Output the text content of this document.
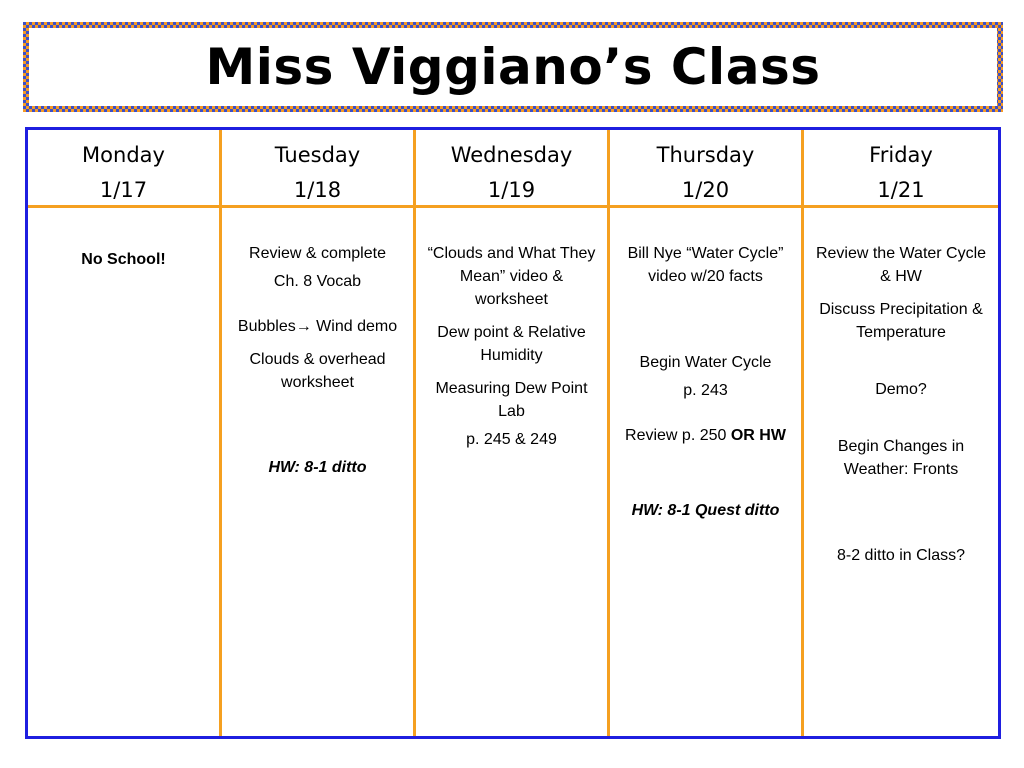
Miss Viggiano’s Class
Monday
1/17
Tuesday
1/18
Wednesday
1/19
Thursday
1/20
Friday
1/21

No School!	Review & complete

Ch. 8 Vocab

Bubbles→ Wind demo

Clouds & overhead worksheet

HW: 8-1 ditto

“Clouds and What They Mean” video & worksheet

Dew point & Relative Humidity

Measuring Dew Point Lab

p. 245 & 249

Bill Nye “Water Cycle” video w/20 facts

Begin Water Cycle

p. 243

Review p. 250 OR HW

HW: 8-1 Quest ditto

Review the Water Cycle & HW

Discuss Precipitation & Temperature

Demo?

Begin Changes in Weather: Fronts

8-2 ditto in Class?
